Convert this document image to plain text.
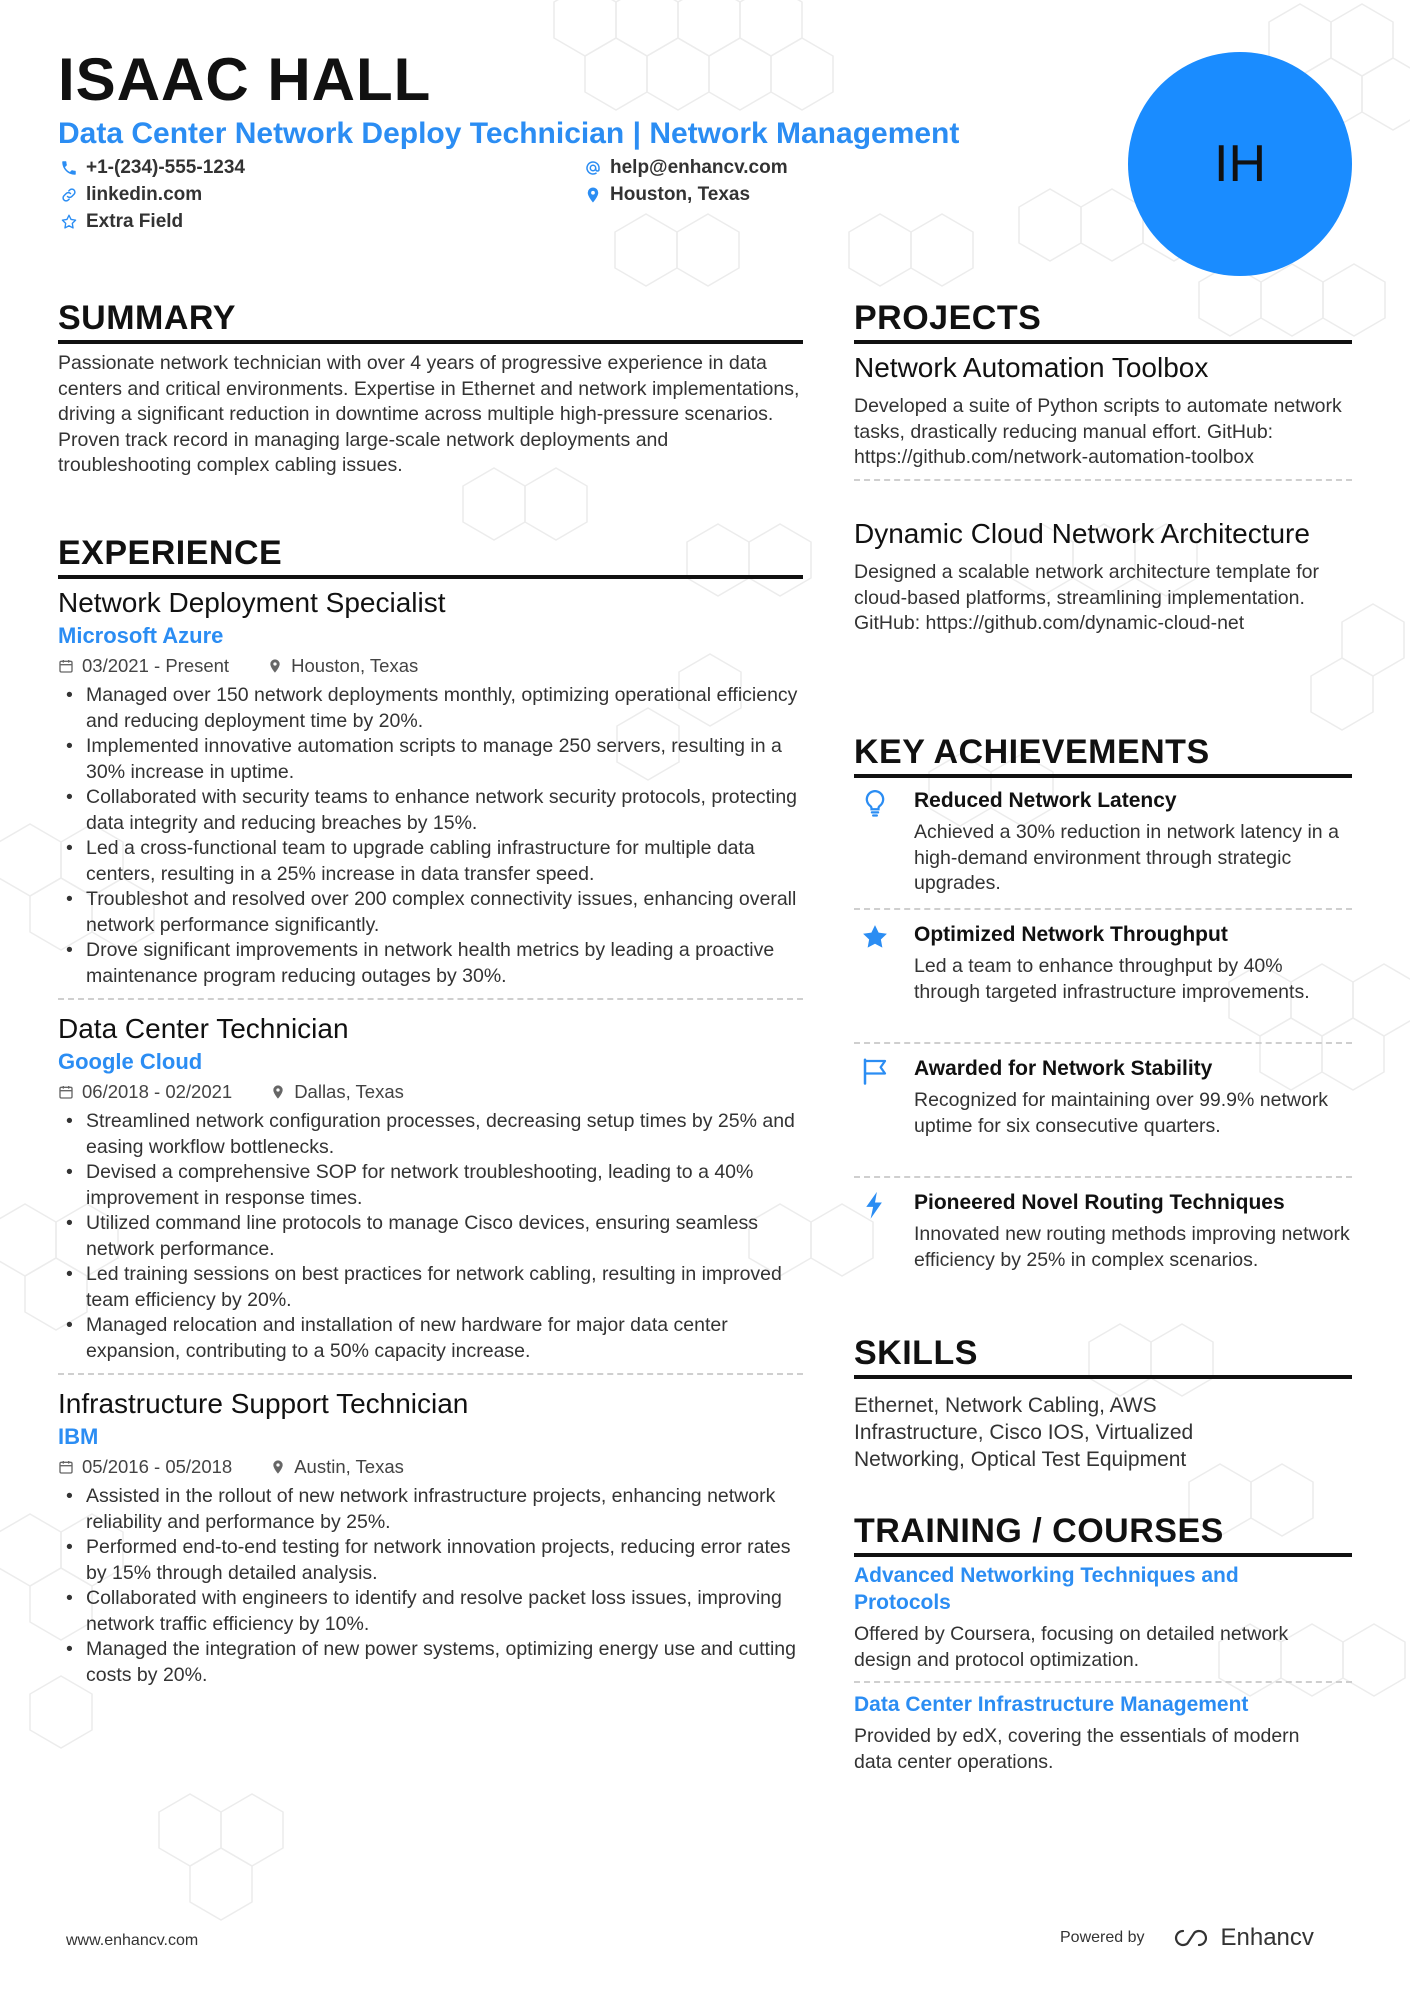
ISAAC HALL
Data Center Network Deploy Technician | Network Management
+1-(234)-555-1234	help@enhancv.com
linkedin.com	Houston, Texas
Extra Field
IH
SUMMARY
Passionate network technician with over 4 years of progressive experience in data centers and critical environments. Expertise in Ethernet and network implementations, driving a significant reduction in downtime across multiple high-pressure scenarios. Proven track record in managing large-scale network deployments and troubleshooting complex cabling issues.
EXPERIENCE
Network Deployment Specialist
Microsoft Azure
03/2021 - Present	Houston, Texas
• Managed over 150 network deployments monthly, optimizing operational efficiency and reducing deployment time by 20%.
• Implemented innovative automation scripts to manage 250 servers, resulting in a 30% increase in uptime.
• Collaborated with security teams to enhance network security protocols, protecting data integrity and reducing breaches by 15%.
• Led a cross-functional team to upgrade cabling infrastructure for multiple data centers, resulting in a 25% increase in data transfer speed.
• Troubleshot and resolved over 200 complex connectivity issues, enhancing overall network performance significantly.
• Drove significant improvements in network health metrics by leading a proactive maintenance program reducing outages by 30%.
Data Center Technician
Google Cloud
06/2018 - 02/2021	Dallas, Texas
• Streamlined network configuration processes, decreasing setup times by 25% and easing workflow bottlenecks.
• Devised a comprehensive SOP for network troubleshooting, leading to a 40% improvement in response times.
• Utilized command line protocols to manage Cisco devices, ensuring seamless network performance.
• Led training sessions on best practices for network cabling, resulting in improved team efficiency by 20%.
• Managed relocation and installation of new hardware for major data center expansion, contributing to a 50% capacity increase.
Infrastructure Support Technician
IBM
05/2016 - 05/2018	Austin, Texas
• Assisted in the rollout of new network infrastructure projects, enhancing network reliability and performance by 25%.
• Performed end-to-end testing for network innovation projects, reducing error rates by 15% through detailed analysis.
• Collaborated with engineers to identify and resolve packet loss issues, improving network traffic efficiency by 10%.
• Managed the integration of new power systems, optimizing energy use and cutting costs by 20%.
PROJECTS
Network Automation Toolbox
Developed a suite of Python scripts to automate network tasks, drastically reducing manual effort. GitHub: https://github.com/network-automation-toolbox
Dynamic Cloud Network Architecture
Designed a scalable network architecture template for cloud-based platforms, streamlining implementation. GitHub: https://github.com/dynamic-cloud-net
KEY ACHIEVEMENTS
Reduced Network Latency
Achieved a 30% reduction in network latency in a high-demand environment through strategic upgrades.
Optimized Network Throughput
Led a team to enhance throughput by 40% through targeted infrastructure improvements.
Awarded for Network Stability
Recognized for maintaining over 99.9% network uptime for six consecutive quarters.
Pioneered Novel Routing Techniques
Innovated new routing methods improving network efficiency by 25% in complex scenarios.
SKILLS
Ethernet, Network Cabling, AWS Infrastructure, Cisco IOS, Virtualized Networking, Optical Test Equipment
TRAINING / COURSES
Advanced Networking Techniques and Protocols
Offered by Coursera, focusing on detailed network design and protocol optimization.
Data Center Infrastructure Management
Provided by edX, covering the essentials of modern data center operations.
www.enhancv.com	Powered by	Enhancv
